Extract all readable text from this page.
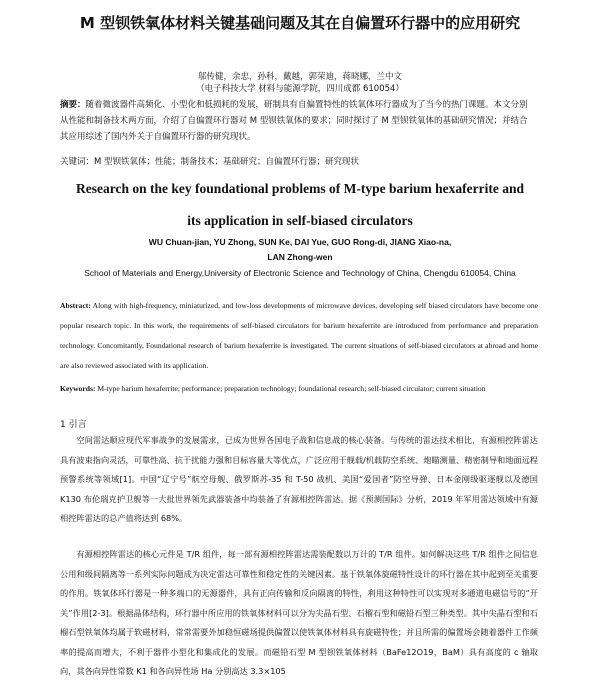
M 型钡铁氧体材料关键基础问题及其在自偏置环行器中的应用研究
邬传健，余忠，孙科，戴越，郭荣迪，蒋晓娜，兰中文
（电子科技大学 材料与能源学院，四川成都 610054）
摘要：随着微波器件高频化、小型化和低损耗的发展，研制具有自偏置特性的铁氧体环行器成为了当今的热门课题。本文分别从性能和制备技术两方面，介绍了自偏置环行器对 M 型钡铁氧体的要求；同时探讨了 M 型钡铁氧体的基础研究情况；并结合其应用综述了国内外关于自偏置环行器的研究现状。
关键词：M 型钡铁氧体；性能；制备技术；基础研究；自偏置环行器；研究现状
Research on the key foundational problems of M-type barium hexaferrite and
its application in self-biased circulators
WU Chuan-jian, YU Zhong, SUN Ke, DAI Yue, GUO Rong-di, JIANG Xiao-na,
LAN Zhong-wen
School of Materials and Energy,University of Electronic Science and Technology of China, Chengdu 610054, China
Abstract: Along with high-frequency, miniaturized, and low-loss developments of microwave devices, developing self biased circulators have become one popular research topic. In this work, the requirements of self-biased circulators for barium hexaferrite are introduced from performance and preparation technology. Concomitantly, Foundational research of barium hexaferrite is investigated. The current situations of self-biased circulators at abroad and home are also reviewed associated with its application.
Keywords: M-type barium hexaferrite; performance; preparation technology; foundational research; self-biased circulator; current situation
1 引言
空间雷达顺应现代军事战争的发展需求，已成为世界各国电子战和信息战的核心装备。与传统的雷达技术相比，有源相控阵雷达具有波束指向灵活，可靠性高、抗干扰能力强和目标容量大等优点，广泛应用于舰载/机载防空系统、炮瞄测量、精密制导和地面远程预警系统等领域[1]。中国“辽宁号”航空母舰、俄罗斯苏-35 和 T-50 战机、美国“爱国者”防空导弹、日本金刚级驱逐舰以及德国 K130 布伦瑞克护卫舰等一大批世界领先武器装备中均装备了有源相控阵雷达。据《预测国际》分析，2019 年军用雷达领域中有源相控阵雷达的总产值将达到 68%。
有源相控阵雷达的核心元件是 T/R 组件，每一部有源相控阵雷达需装配数以万计的 T/R 组件。如何解决这些 T/R 组件之间信息公用和级间隔离等一系列实际问题成为决定雷达可靠性和稳定性的关键因素。基于铁氧体旋磁特性设计的环行器在其中起到至关重要的作用。铁氧体环行器是一种多端口的无源器件，具有正向传输和反向隔离的特性，利用这种特性可以实现对多通道电磁信号的“开关”作用[2-3]。根据晶体结构，环行器中所应用的铁氧体材料可以分为尖晶石型、石榴石型和磁铅石型三种类型。其中尖晶石型和石榴石型铁氧体均属于软磁材料，常常需要外加稳恒磁场提供偏置以使铁氧体材料具有旋磁特性；并且所需的偏置场会随着器件工作频率的提高而增大，不利于器件小型化和集成化的发展。而磁铅石型 M 型钡铁氧体材料（BaFe12O19，BaM）具有高度的 c 轴取向，其各向异性常数 K1 和各向异性场 Ha 分别高达 3.3×105
